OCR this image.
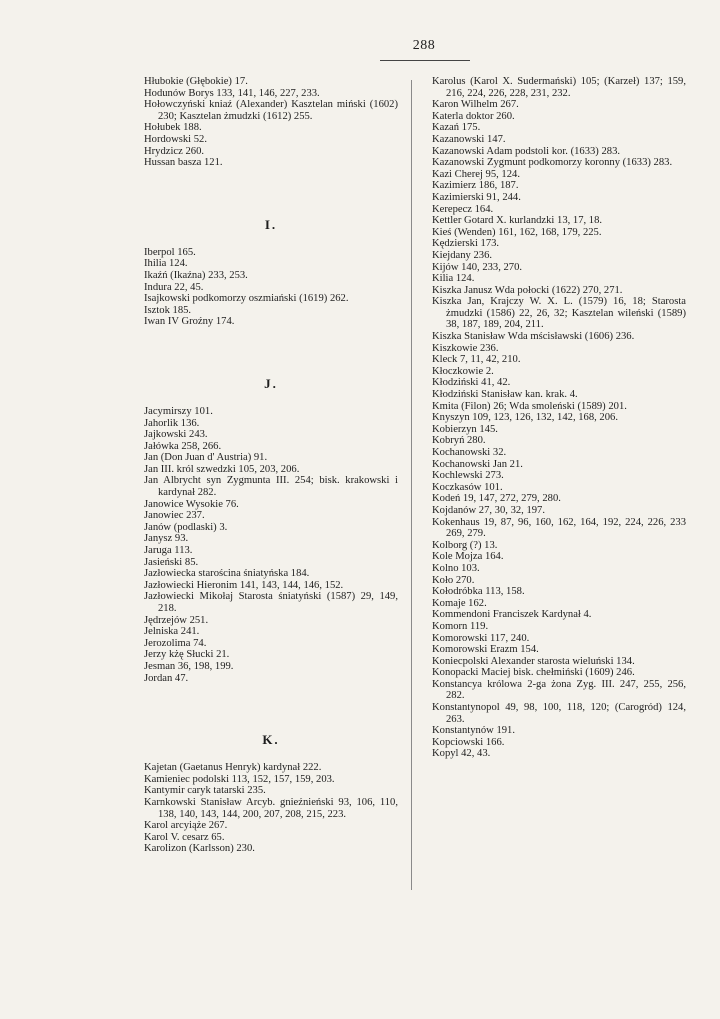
288
Hłubokie (Głębokie) 17.
Hodunów Borys 133, 141, 146, 227, 233.
Hołowczyński kniaź (Alexander) Kasztelan miński (1602) 230; Kasztelan żmudzki (1612) 255.
Hołubek 188.
Hordowski 52.
Hrydzicz 260.
Hussan basza 121.
I.
Iberpol 165.
Ihilia 124.
Ikaźń (Ikaźna) 233, 253.
Indura 22, 45.
Isajkowski podkomorzy oszmiański (1619) 262.
Isztok 185.
Iwan IV Groźny 174.
J.
Jacymirszy 101.
Jahorlik 136.
Jajkowski 243.
Jałówka 258, 266.
Jan (Don Juan d' Austria) 91.
Jan III. król szwedzki 105, 203, 206.
Jan Albrycht syn Zygmunta III. 254; bisk. krakowski i kardynał 282.
Janowice Wysokie 76.
Janowiec 237.
Janów (podlaski) 3.
Janysz 93.
Jaruga 113.
Jasieński 85.
Jazłowiecka starościna śniatyńska 184.
Jazłowiecki Hieronim 141, 143, 144, 146, 152.
Jazłowiecki Mikołaj Starosta śniatyński (1587) 29, 149, 218.
Jędrzejów 251.
Jelniska 241.
Jerozolima 74.
Jerzy kżę Słucki 21.
Jesman 36, 198, 199.
Jordan 47.
K.
Kajetan (Gaetanus Henryk) kardynał 222.
Kamieniec podolski 113, 152, 157, 159, 203.
Kantymir caryk tatarski 235.
Karnkowski Stanisław Arcyb. gnieźnieński 93, 106, 110, 138, 140, 143, 144, 200, 207, 208, 215, 223.
Karol arcyiąże 267.
Karol V. cesarz 65.
Karolizon (Karlsson) 230.
Karolus (Karol X. Sudermański) 105; (Karzeł) 137; 159, 216, 224, 226, 228, 231, 232.
Karon Wilhelm 267.
Katerla doktor 260.
Kazań 175.
Kazanowski 147.
Kazanowski Adam podstoli kor. (1633) 283.
Kazanowski Zygmunt podkomorzy koronny (1633) 283.
Kazi Cherej 95, 124.
Kazimierz 186, 187.
Kazimierski 91, 244.
Kerepecz 164.
Kettler Gotard X. kurlandzki 13, 17, 18.
Kieś (Wenden) 161, 162, 168, 179, 225.
Kędzierski 173.
Kiejdany 236.
Kijów 140, 233, 270.
Kilia 124.
Kiszka Janusz Wda połocki (1622) 270, 271.
Kiszka Jan, Krajczy W. X. L. (1579) 16, 18; Starosta żmudzki (1586) 22, 26, 32; Kasztelan wileński (1589) 38, 187, 189, 204, 211.
Kiszka Stanisław Wda mścisławski (1606) 236.
Kiszkowie 236.
Kleck 7, 11, 42, 210.
Kłoczkowie 2.
Kłodziński 41, 42.
Kłodziński Stanisław kan. krak. 4.
Kmita (Filon) 26; Wda smoleński (1589) 201.
Knyszyn 109, 123, 126, 132, 142, 168, 206.
Kobierzyn 145.
Kobryń 280.
Kochanowski 32.
Kochanowski Jan 21.
Kochlewski 273.
Koczkasów 101.
Kodeń 19, 147, 272, 279, 280.
Kojdanów 27, 30, 32, 197.
Kokenhaus 19, 87, 96, 160, 162, 164, 192, 224, 226, 233 269, 279.
Kolborg (?) 13.
Kole Mojza 164.
Kolno 103.
Koło 270.
Kołodróbka 113, 158.
Komaje 162.
Kommendoni Franciszek Kardynał 4.
Komorn 119.
Komorowski 117, 240.
Komorowski Erazm 154.
Koniecpolski Alexander starosta wieluński 134.
Konopacki Maciej bisk. chełmiński (1609) 246.
Konstancya królowa 2-ga żona Zyg. III. 247, 255, 256, 282.
Konstantynopol 49, 98, 100, 118, 120; (Carogród) 124, 263.
Konstantynów 191.
Kopciowski 166.
Kopyl 42, 43.
